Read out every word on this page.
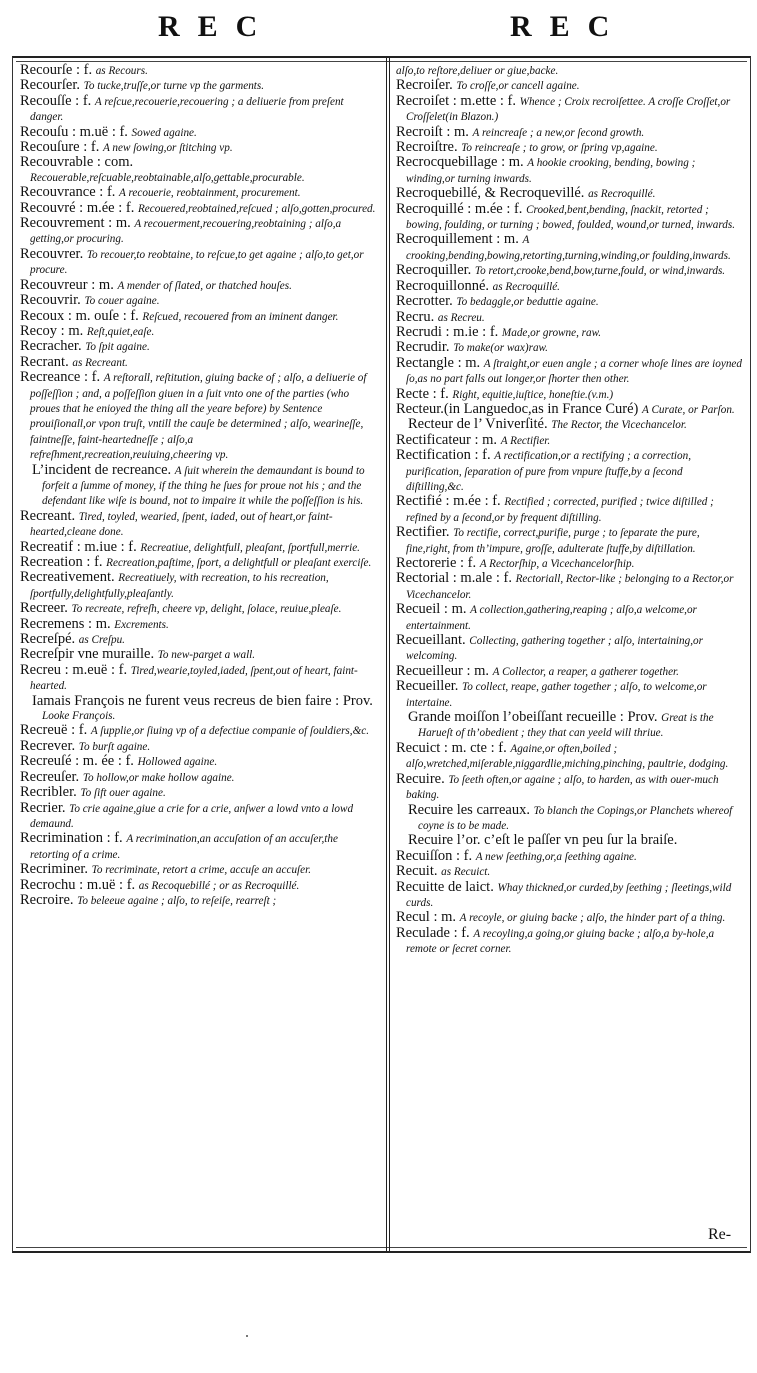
REC	REC

Recourſe : f. as Recours.

Recourſer. To tucke,truſſe,or turne vp the garments.

Recouſſe : f. A reſcue,recouerie,recouering ; a deliuerie from preſent danger.

Recouſu : m.uë : f. Sowed againe.

Recouſure : f. A new ſowing,or ſtitching vp.

Recouvrable : com. Recouerable,reſcuable,reobtainable,alſo,gettable,procurable.

Recouvrance : f. A recouerie, reobtainment, procurement.

Recouvré : m.ée : f. Recouered,reobtained,reſcued ; alſo,gotten,procured.

Recouvrement : m. A recouerment,recouering,reobtaining ; alſo,a getting,or procuring.

Recouvrer. To recouer,to reobtaine, to reſcue,to get againe ; alſo,to get,or procure.

Recouvreur : m. A mender of ſlated, or thatched houſes.

Recouvrir. To couer againe.

Recoux : m. ouſe : f. Reſcued, recouered from an iminent danger.

Recoy : m. Reſt,quiet,eaſe.

Recracher. To ſpit againe.

Recrant. as Recreant.

Recreance : f. A reſtorall, reſtitution, giuing backe of ; alſo, a deliuerie of poſſeſſion ; and, a poſſeſſion giuen in a ſuit vnto one of the parties (who proues that he enioyed the thing all the yeare before) by Sentence prouiſionall,or vpon truſt, vntill the cauſe be determined ; alſo, wearineſſe, faintneſſe, faint-heartedneſſe ; alſo,a refreſhment,recreation,reuiuing,cheering vp.

L’incident de recreance. A ſuit wherein the demaundant is bound to forfeit a ſumme of money, if the thing he ſues for proue not his ; and the defendant like wiſe is bound, not to impaire it while the poſſeſſion is his.

Recreant. Tired, toyled, wearied, ſpent, iaded, out of heart,or faint-hearted,cleane done.

Recreatif : m.iue : f. Recreatiue, delightfull, pleaſant, ſportfull,merrie.

Recreation : f. Recreation,paſtime, ſport, a delightfull or pleaſant exerciſe.

Recreativement. Recreatiuely, with recreation, to his recreation, ſportfully,delightfully,pleaſantly.

Recreer. To recreate, refreſh, cheere vp, delight, ſolace, reuiue,pleaſe.

Recremens : m. Excrements.

Recreſpé. as Creſpu.

Recreſpir vne muraille. To new-parget a wall.

Recreu : m.euë : f. Tired,wearie,toyled,iaded, ſpent,out of heart, faint-hearted.

Iamais François ne furent veus recreus de bien faire : Prov. Looke François.

Recreuë : f. A ſupplie,or ſiuing vp of a defectiue companie of ſouldiers,&c.

Recrever. To burſt againe.

Recreuſé : m. ée : f. Hollowed againe.

Recreuſer. To hollow,or make hollow againe.

Recribler. To ſift ouer againe.

Recrier. To crie againe,giue a crie for a crie, anſwer a lowd vnto a lowd demaund.

Recrimination : f. A recrimination,an accuſation of an accuſer,the retorting of a crime.

Recriminer. To recriminate, retort a crime, accuſe an accuſer.

Recrochu : m.uë : f. as Recoquebillé ; or as Recroquillé.

Recroire. To beleeue againe ; alſo, to reſeiſe, rearreſt ;

alſo,to reſtore,deliuer or giue,backe.

Recroiſer. To croſſe,or cancell againe.

Recroiſet : m.ette : f. Whence ; Croix recroiſettee. A croſſe Croſſet,or Croſſelet(in Blazon.)

Recroiſt : m. A reincreaſe ; a new,or ſecond growth.

Recroiſtre. To reincreaſe ; to grow, or ſpring vp,againe.

Recrocquebillage : m. A hookie crooking, bending, bowing ; winding,or turning inwards.

Recroquebillé, & Recroquevillé. as Recroquillé.

Recroquillé : m.ée : f. Crooked,bent,bending, ſnackit, retorted ; bowing, foulding, or turning ; bowed, foulded, wound,or turned, inwards.

Recroquillement : m. A crooking,bending,bowing,retorting,turning,winding,or foulding,inwards.

Recroquiller. To retort,crooke,bend,bow,turne,fould, or wind,inwards.

Recroquillonné. as Recroquillé.

Recrotter. To bedaggle,or beduttie againe.

Recru. as Recreu.

Recrudi : m.ie : f. Made,or growne, raw.

Recrudir. To make(or wax)raw.

Rectangle : m. A ſtraight,or euen angle ; a corner whoſe lines are ioyned ſo,as no part falls out longer,or ſhorter then other.

Recte : f. Right, equitie,iuſtice, honeſtie.(v.m.)

Recteur.(in Languedoc,as in France Curé) A Curate, or Parſon.

Recteur de l’ Vniverſité. The Rector, the Vicechancelor.

Rectificateur : m. A Rectifier.

Rectification : f. A rectification,or a rectifying ; a correction, purification, ſeparation of pure from vnpure ſtuffe,by a ſecond diſtilling,&c.

Rectifié : m.ée : f. Rectified ; corrected, purified ; twice diſtilled ; refined by a ſecond,or by frequent diſtilling.

Rectifier. To rectifie, correct,purifie, purge ; to ſeparate the pure, fine,right, from th’impure, groſſe, adulterate ſtuffe,by diſtillation.

Rectorerie : f. A Rectorſhip, a Vicechancelorſhip.

Rectorial : m.ale : f. Rectoriall, Rector-like ; belonging to a Rector,or Vicechancelor.

Recueil : m. A collection,gathering,reaping ; alſo,a welcome,or entertainment.

Recueillant. Collecting, gathering together ; alſo, intertaining,or welcoming.

Recueilleur : m. A Collector, a reaper, a gatherer together.

Recueiller. To collect, reape, gather together ; alſo, to welcome,or intertaine.

Grande moiſſon l’obeiſſant recueille : Prov. Great is the Harueſt of th’obedient ; they that can yeeld will thriue.

Recuict : m. cte : f. Againe,or often,boiled ; alſo,wretched,miſerable,niggardlie,miching,pinching, paultrie, dodging.

Recuire. To ſeeth often,or againe ; alſo, to harden, as with ouer-much baking.

Recuire les carreaux. To blanch the Copings,or Planchets whereof coyne is to be made.

Recuire l’or. c’eſt le paſſer vn peu ſur la braiſe.

Recuiſſon : f. A new ſeething,or,a ſeething againe.

Recuit. as Recuict.

Recuitte de laict. Whay thickned,or curded,by ſeething ; ſleetings,wild curds.

Recul : m. A recoyle, or giuing backe ; alſo, the hinder part of a thing.

Reculade : f. A recoyling,a going,or giuing backe ; alſo,a by-hole,a remote or ſecret corner.

Re-
